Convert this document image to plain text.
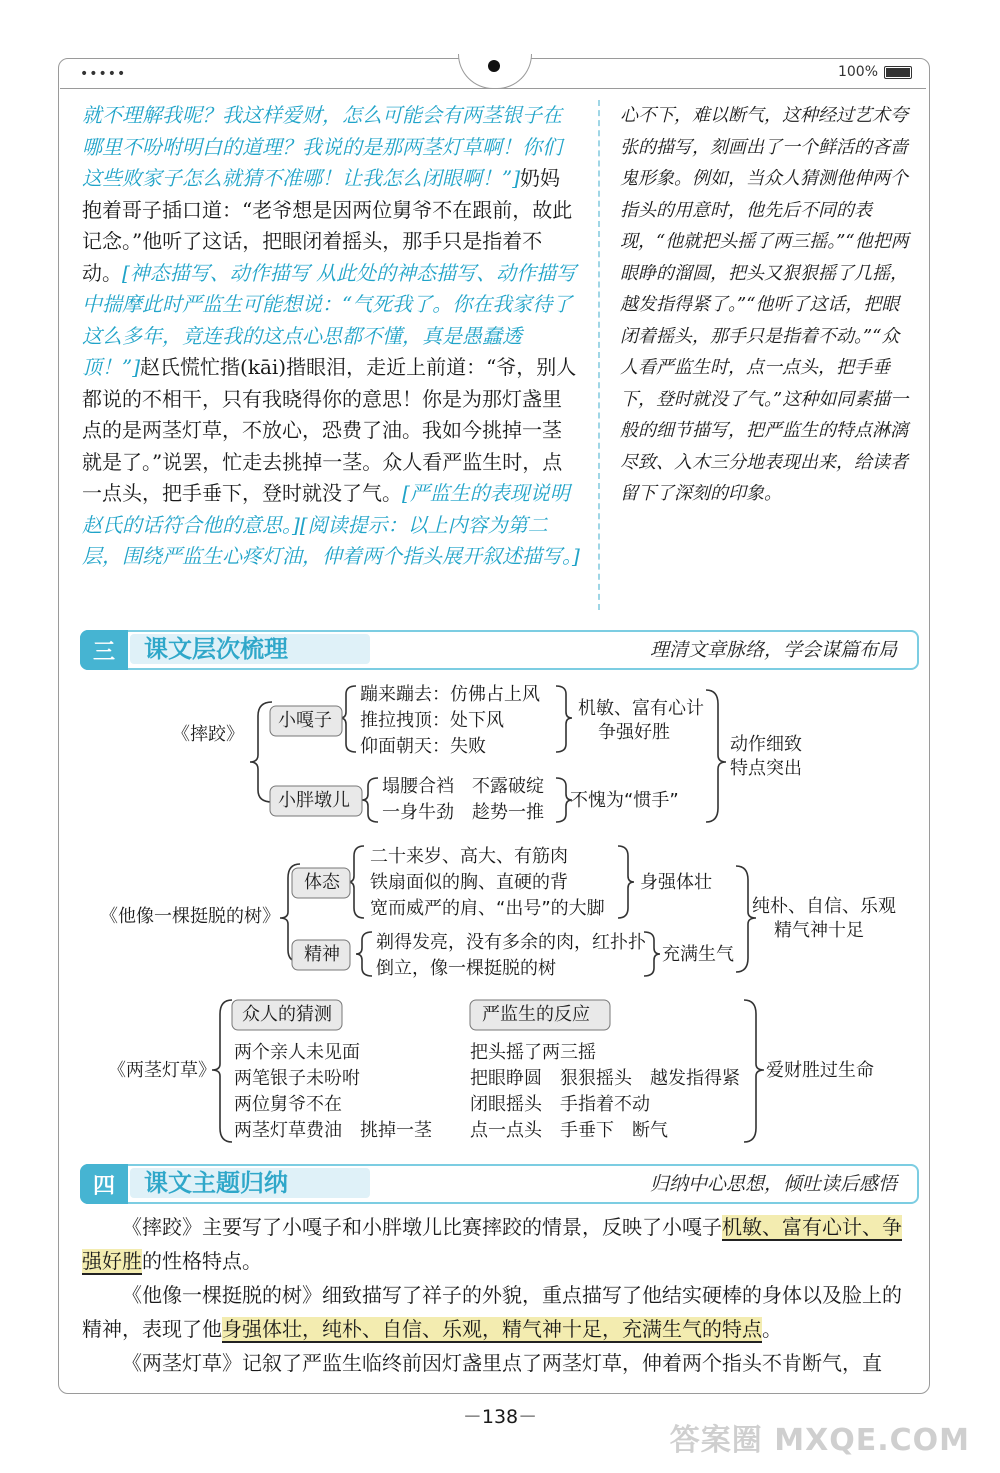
•••••	100%
就不理解我呢？我这样爱财，怎么可能会有两茎银子在哪里不吩咐明白的道理？我说的是那两茎灯草啊！你们这些败家子怎么就猜不准哪！让我怎么闭眼啊！”]奶妈抱着哥子插口道：“老爷想是因两位舅爷不在跟前，故此记念。”他听了这话，把眼闭着摇头，那手只是指着不动。[神态描写、动作描写 从此处的神态描写、动作描写中揣摩此时严监生可能想说：“气死我了。你在我家待了这么多年，竟连我的这点心思都不懂，真是愚蠢透顶！”]赵氏慌忙揩(kāi)揩眼泪，走近上前道：“爷，别人都说的不相干，只有我晓得你的意思！你是为那灯盏里点的是两茎灯草，不放心，恐费了油。我如今挑掉一茎就是了。”说罢，忙走去挑掉一茎。众人看严监生时，点一点头，把手垂下，登时就没了气。[严监生的表现说明赵氏的话符合他的意思。][阅读提示：以上内容为第二层，围绕严监生心疼灯油，伸着两个指头展开叙述描写。]
心不下，难以断气，这种经过艺术夸张的描写，刻画出了一个鲜活的吝啬鬼形象。例如，当众人猜测他伸两个指头的用意时，他先后不同的表现，“他就把头摇了两三摇。”“他把两眼睁的溜圆，把头又狠狠摇了几摇，越发指得紧了。”“他听了这话，把眼闭着摇头，那手只是指着不动。”“众人看严监生时，点一点头，把手垂下，登时就没了气。”这种如同素描一般的细节描写，把严监生的特点淋漓尽致、入木三分地表现出来，给读者留下了深刻的印象。
三	课文层次梳理	理清文章脉络，学会谋篇布局
《摔跤》
小嘎子
蹦来蹦去：仿佛占上风
推拉拽顶：处下风
仰面朝天：失败
机敏、富有心计
争强好胜
小胖墩儿
塌腰合裆　不露破绽
一身牛劲　趁势一推
不愧为“惯手”
动作细致
特点突出
《他像一棵挺脱的树》
体态
二十来岁、高大、有筋肉
铁扇面似的胸、直硬的背
宽而威严的肩、“出号”的大脚
身强体壮
精神
剃得发亮，没有多余的肉，红扑扑
倒立，像一棵挺脱的树
充满生气
纯朴、自信、乐观
精气神十足
《两茎灯草》
众人的猜测	严监生的反应
两个亲人未见面
两笔银子未吩咐
两位舅爷不在
两茎灯草费油　挑掉一茎
把头摇了两三摇
把眼睁圆　狠狠摇头　越发指得紧
闭眼摇头　手指着不动
点一点头　手垂下　断气
爱财胜过生命
四	课文主题归纳	归纳中心思想，倾吐读后感悟

《摔跤》主要写了小嘎子和小胖墩儿比赛摔跤的情景，反映了小嘎子机敏、富有心计、争强好胜的性格特点。

《他像一棵挺脱的树》细致描写了祥子的外貌，重点描写了他结实硬棒的身体以及脸上的精神，表现了他身强体壮，纯朴、自信、乐观，精气神十足，充满生气的特点。

《两茎灯草》记叙了严监生临终前因灯盏里点了两茎灯草，伸着两个指头不肯断气，直

－138－
答案圈 MXQE.COM
